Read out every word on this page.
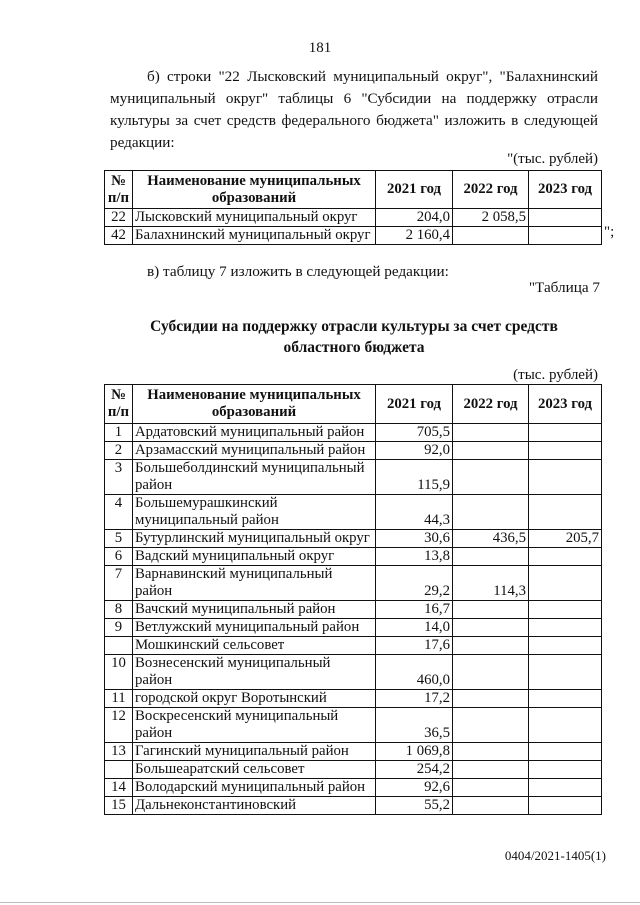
181
б) строки "22 Лысковский муниципальный округ", "Балахнинский
муниципальный округ" таблицы 6 "Субсидии на поддержку отрасли
культуры за счет средств федерального бюджета" изложить в следующей
редакции:
"(тыс. рублей)
№ п/п	Наименование муниципальных образований	2021 год	2022 год	2023 год
22	Лысковский муниципальный округ	204,0	2 058,5	
42	Балахнинский муниципальный округ	2 160,4			";
в) таблицу 7 изложить в следующей редакции:
"Таблица 7
Субсидии на поддержку отрасли культуры за счет средств областного бюджета
(тыс. рублей)
№ п/п	Наименование муниципальных образований	2021 год	2022 год	2023 год
1	Ардатовский муниципальный район	705,5		
2	Арзамасский муниципальный район	92,0		
3	Большеболдинский муниципальный
район	115,9		
4	Большемурашкинский
муниципальный район	44,3		
5	Бутурлинский муниципальный округ	30,6	436,5	205,7
6	Вадский муниципальный округ	13,8		
7	Варнавинский муниципальный
район	29,2	114,3	
8	Вачский муниципальный район	16,7		
9	Ветлужский муниципальный район	14,0		

	Мошкинский сельсовет	17,6		
10	Вознесенский муниципальный
район	460,0		
11	городской округ Воротынский	17,2		
12	Воскресенский муниципальный
район	36,5		
13	Гагинский муниципальный район	1 069,8		

	Большеаратский сельсовет	254,2		
14	Володарский муниципальный район	92,6		
15	Дальнеконстантиновский	55,2		
0404/2021-1405(1)
